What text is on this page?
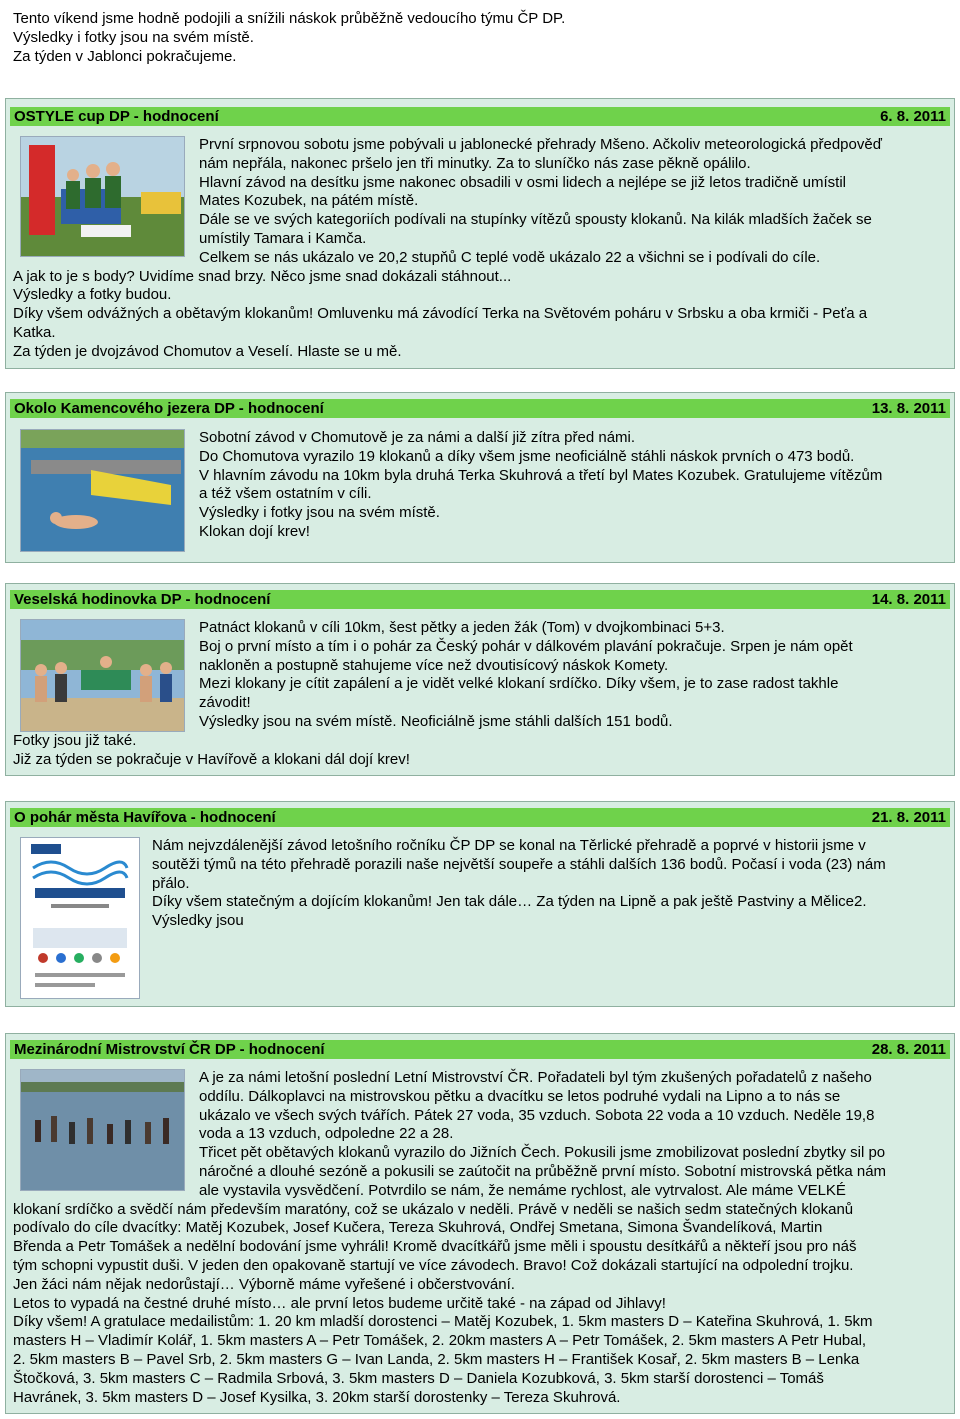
Tento víkend jsme hodně podojili a snížili náskok průběžně vedoucího týmu ČP DP.
Výsledky i fotky jsou na svém místě.
Za týden v Jablonci pokračujeme.
OSTYLE cup DP - hodnocení	6. 8. 2011
První srpnovou sobotu jsme pobývali u jablonecké přehrady Mšeno. Ačkoliv meteorologická předpověď
nám nepřála, nakonec pršelo jen tři minutky. Za to sluníčko nás zase pěkně opálilo.
Hlavní závod na desítku jsme nakonec obsadili v osmi lidech a nejlépe se již letos tradičně umístil
Mates Kozubek, na pátém místě.
Dále se ve svých kategoriích podívali na stupínky vítězů spousty klokanů. Na kilák mladších žaček se
umístily Tamara i Kamča.
Celkem se nás ukázalo ve 20,2 stupňů C teplé vodě ukázalo 22 a všichni se i podívali do cíle.
A jak to je s body? Uvidíme snad brzy. Něco jsme snad dokázali stáhnout...
Výsledky a fotky budou.
Díky všem odvážných a obětavým klokanům! Omluvenku má závodící Terka na Světovém poháru v Srbsku a oba krmiči - Peťa a
Katka.
Za týden je dvojzávod Chomutov a Veselí. Hlaste se u mě.
Okolo Kamencového jezera DP - hodnocení	13. 8. 2011
Sobotní závod v Chomutově je za námi a další již zítra před námi.
Do Chomutova vyrazilo 19 klokanů a díky všem jsme neoficiálně stáhli náskok prvních o 473 bodů.
V hlavním závodu na 10km byla druhá Terka Skuhrová a třetí byl Mates Kozubek. Gratulujeme vítězům
a též všem ostatním v cíli.
Výsledky i fotky jsou na svém místě.
Klokan dojí krev!
Veselská hodinovka DP - hodnocení	14. 8. 2011
Patnáct klokanů v cíli 10km, šest pětky a jeden žák (Tom) v dvojkombinaci 5+3.
Boj o první místo a tím i o pohár za Český pohár v dálkovém plavání pokračuje. Srpen je nám opět
nakloněn a postupně stahujeme více než dvoutisícový náskok Komety.
Mezi klokany je cítit zapálení a je vidět velké klokaní srdíčko. Díky všem, je to zase radost takhle
závodit!
Výsledky jsou na svém místě. Neoficiálně jsme stáhli dalších 151 bodů.
Fotky jsou již také.
Již za týden se pokračuje v Havířově a klokani dál dojí krev!
O pohár města Havířova - hodnocení	21. 8. 2011
Nám nejvzdálenější závod letošního ročníku ČP DP se konal na Těrlické přehradě a poprvé v historii jsme v
soutěži týmů na této přehradě porazili naše největší soupeře a stáhli dalších 136 bodů. Počasí i voda (23) nám
přálo.
Díky všem statečným a dojícím klokanům! Jen tak dále… Za týden na Lipně a pak ještě Pastviny a Mělice2.
Výsledky jsou
Mezinárodní Mistrovství ČR DP - hodnocení	28. 8. 2011
A je za námi letošní poslední Letní Mistrovství ČR. Pořadateli byl tým zkušených pořadatelů z našeho
oddílu. Dálkoplavci na mistrovskou pětku a dvacítku se letos podruhé vydali na Lipno a to nás se
ukázalo ve všech svých tvářích. Pátek 27 voda, 35 vzduch. Sobota 22 voda a 10 vzduch. Neděle 19,8
voda a 13 vzduch, odpoledne 22 a 28.
Třicet pět obětavých klokanů vyrazilo do Jižních Čech. Pokusili jsme zmobilizovat poslední zbytky sil po
náročné a dlouhé sezóně a pokusili se zaútočit na průběžně první místo. Sobotní mistrovská pětka nám
ale vystavila vysvědčení. Potvrdilo se nám, že nemáme rychlost, ale vytrvalost. Ale máme VELKÉ
klokaní srdíčko a svědčí nám především maratóny, což se ukázalo v neděli. Právě v neděli se našich sedm statečných klokanů
podívalo do cíle dvacítky: Matěj Kozubek, Josef Kučera, Tereza Skuhrová, Ondřej Smetana, Simona Švandelíková, Martin
Břenda a Petr Tomášek a nedělní bodování jsme vyhráli! Kromě dvacítkářů jsme měli i spoustu desítkářů a někteří jsou pro náš
tým schopni vypustit duši. V jeden den opakovaně startují ve více závodech. Bravo! Což dokázali startující na odpolední trojku.
Jen žáci nám nějak nedorůstají… Výborně máme vyřešené i občerstvování.
Letos to vypadá na čestné druhé místo… ale první letos budeme určitě také - na západ od Jihlavy!
Díky všem! A gratulace medailistům: 1. 20 km mladší dorostenci – Matěj Kozubek, 1. 5km masters D – Kateřina Skuhrová, 1. 5km
masters H – Vladimír Kolář, 1. 5km masters A – Petr Tomášek, 2. 20km masters A – Petr Tomášek, 2. 5km masters A Petr Hubal,
2. 5km masters B – Pavel Srb, 2. 5km masters G – Ivan Landa, 2. 5km masters H – František Kosař, 2. 5km masters B – Lenka
Štočková, 3. 5km masters C – Radmila Srbová, 3. 5km masters D – Daniela Kozubková, 3. 5km starší dorostenci – Tomáš
Havránek, 3. 5km masters D – Josef Kysilka, 3. 20km starší dorostenky – Tereza Skuhrová.
